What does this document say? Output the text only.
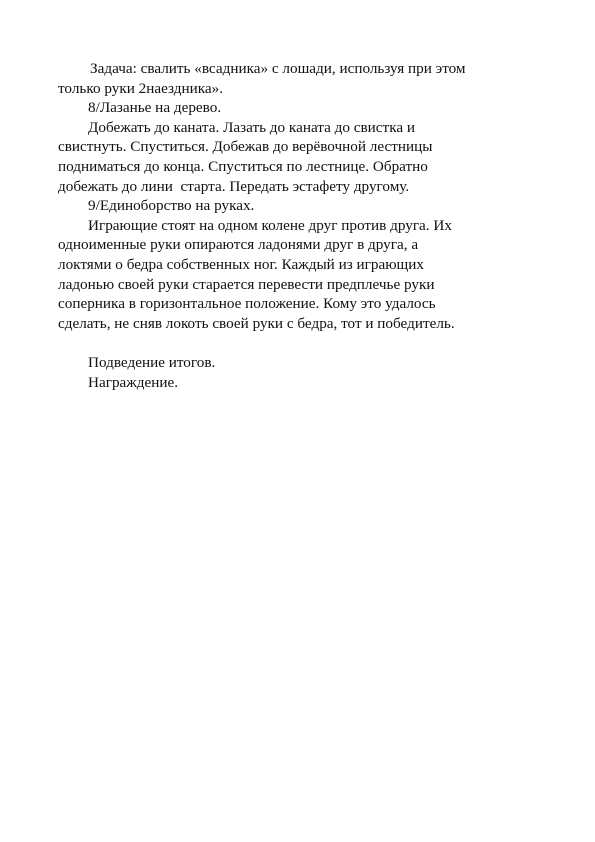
Задача: свалить «всадника» с лошади, используя при этом
только руки 2наездника».
8/Лазанье на дерево.
Добежать до каната. Лазать до каната до свистка и
свистнуть. Спуститься. Добежав до верёвочной лестницы
подниматься до конца. Спуститься по лестнице. Обратно
добежать до лини  старта. Передать эстафету другому.
9/Единоборство на руках.
Играющие стоят на одном колене друг против друга. Их
одноименные руки опираются ладонями друг в друга, а
локтями о бедра собственных ног. Каждый из играющих
ладонью своей руки старается перевести предплечье руки
соперника в горизонтальное положение. Кому это удалось
сделать, не сняв локоть своей руки с бедра, тот и победитель.
Подведение итогов.
Награждение.
